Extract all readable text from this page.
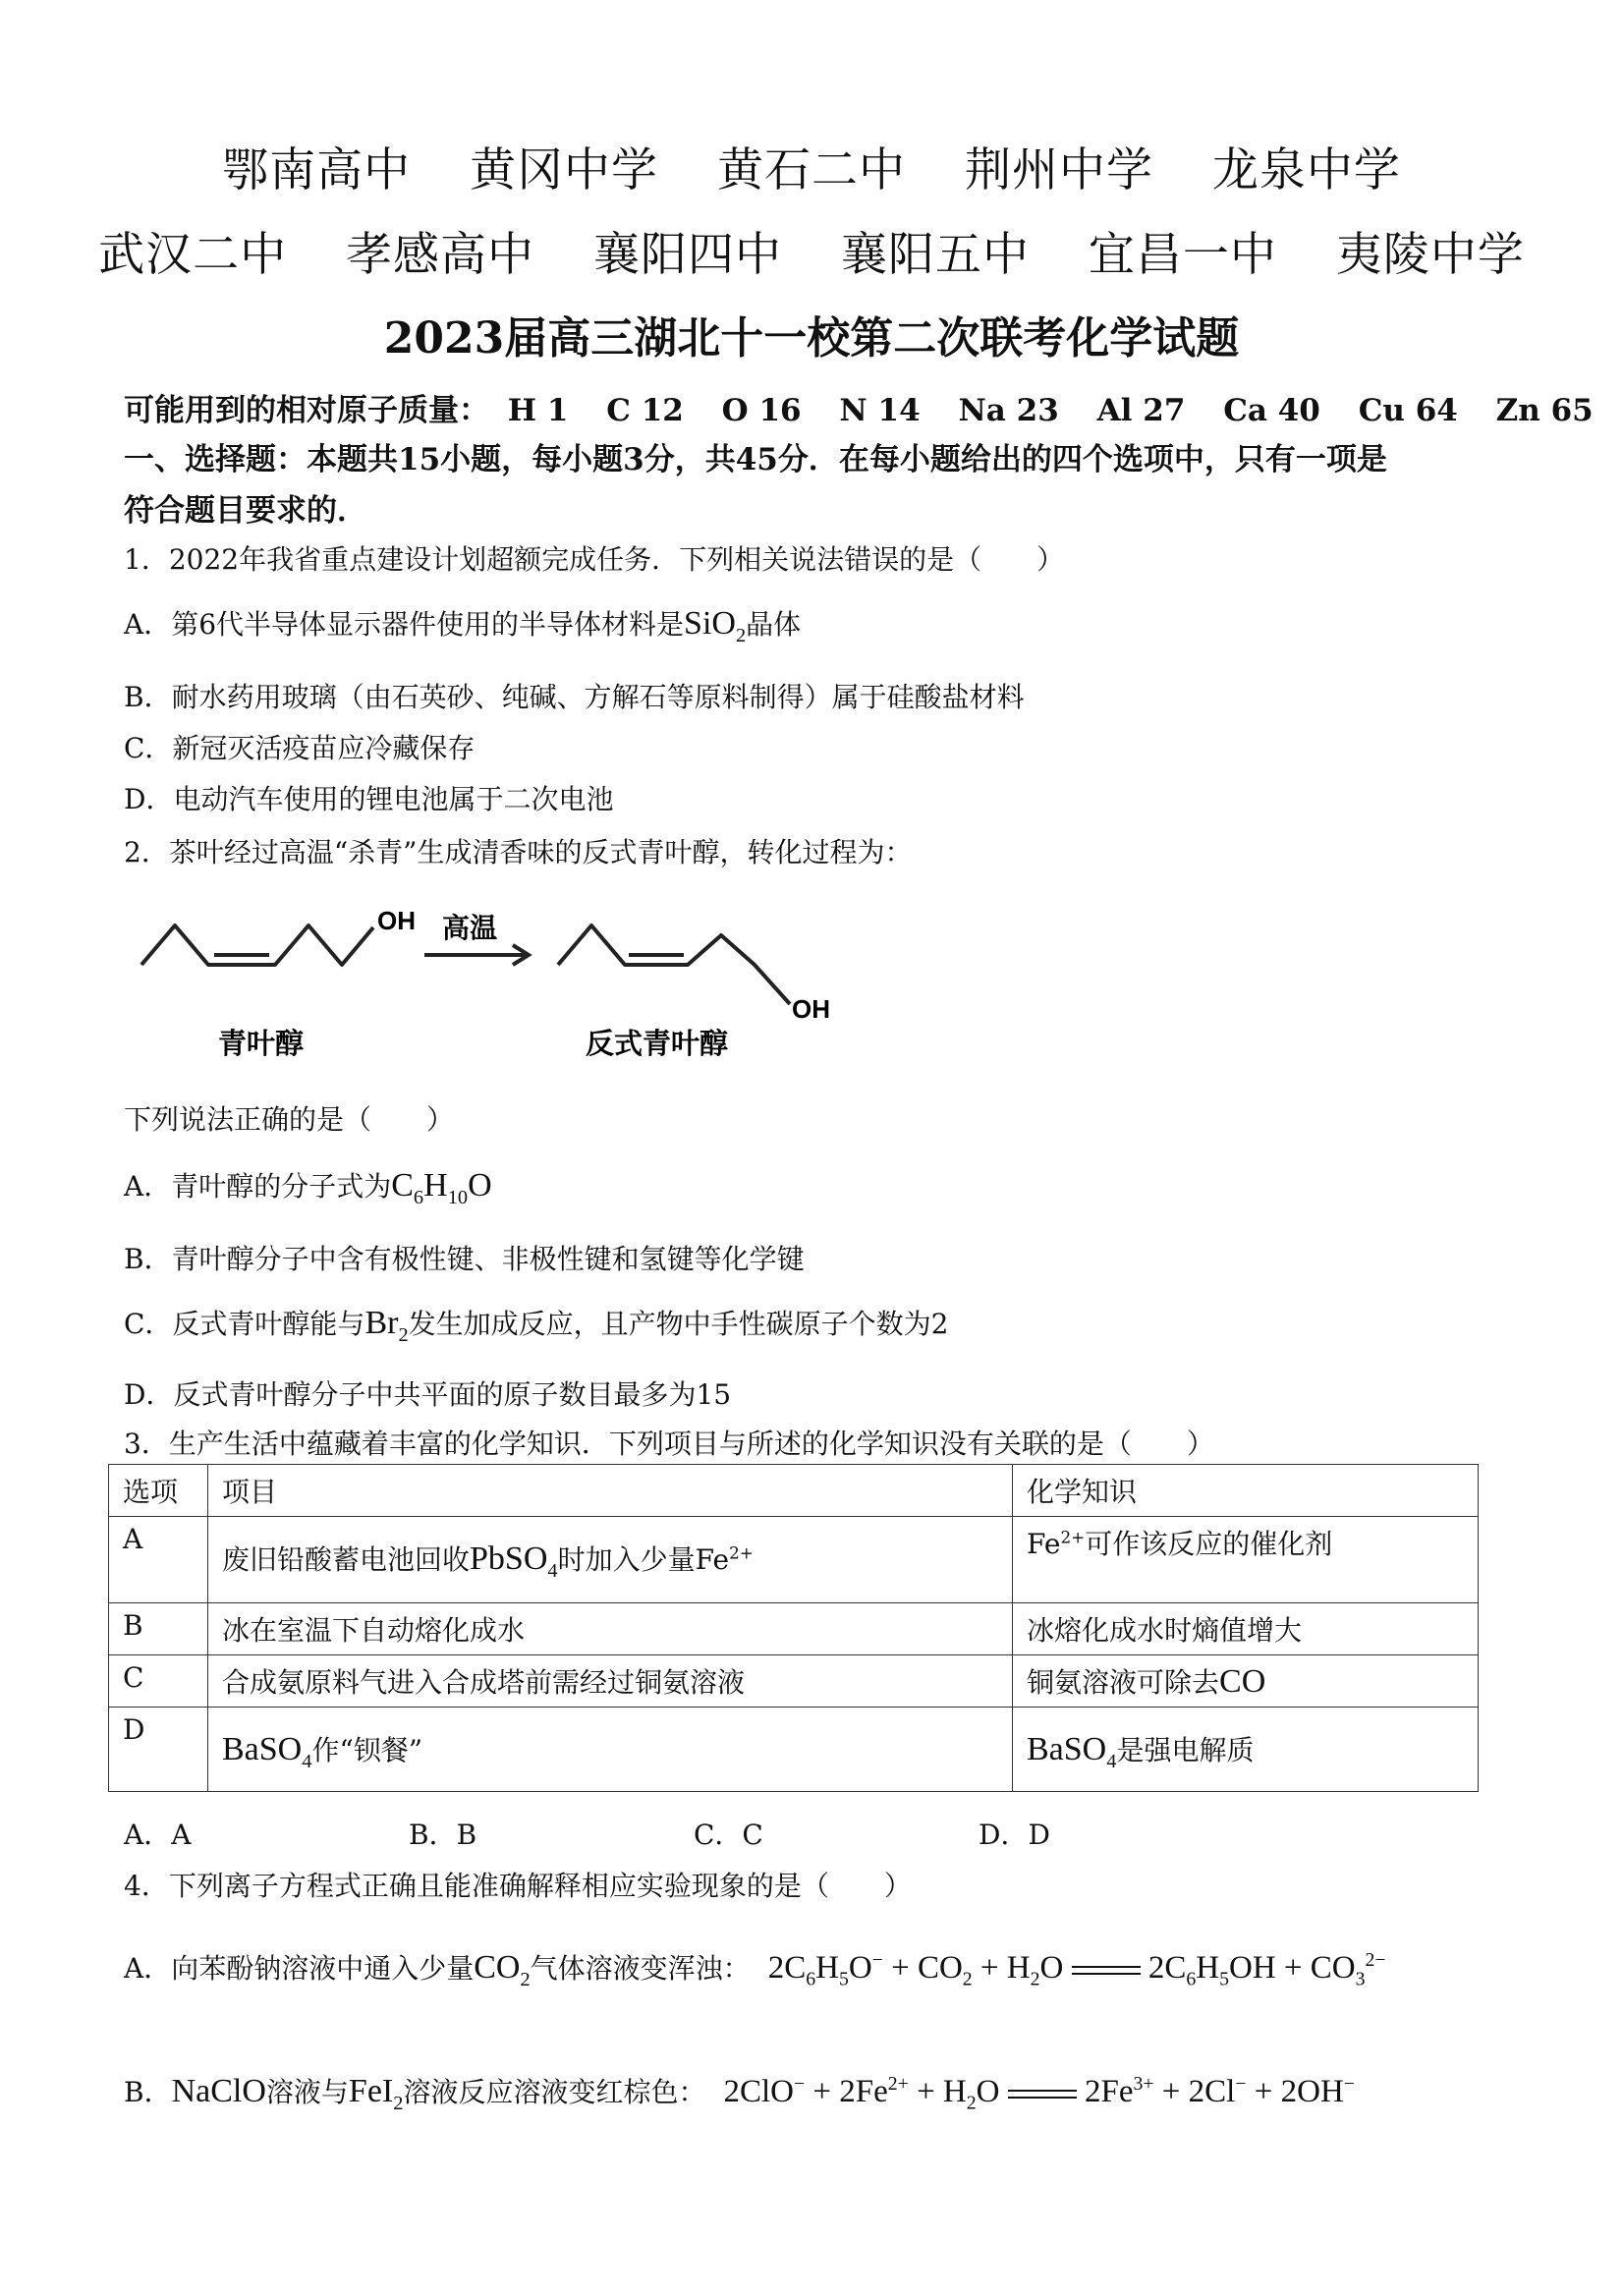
鄂南高中 黄冈中学 黄石二中 荆州中学 龙泉中学
武汉二中 孝感高中 襄阳四中 襄阳五中 宜昌一中 夷陵中学
2023届高三湖北十一校第二次联考化学试题
可能用到的相对原子质量： H 1 C 12 O 16 N 14 Na 23 Al 27 Ca 40 Cu 64 Zn 65
一、选择题：本题共15小题，每小题3分，共45分．在每小题给出的四个选项中，只有一项是
符合题目要求的．
1．2022年我省重点建设计划超额完成任务．下列相关说法错误的是（　　）
A．第6代半导体显示器件使用的半导体材料是SiO$_2$晶体
B．耐水药用玻璃（由石英砂、纯碱、方解石等原料制得）属于硅酸盐材料
C．新冠灭活疫苗应冷藏保存
D．电动汽车使用的锂电池属于二次电池
2．茶叶经过高温“杀青”生成清香味的反式青叶醇，转化过程为：
OH 高温
OH
青叶醇	反式青叶醇
下列说法正确的是（　　）
A．青叶醇的分子式为$C_6H_{10}O$
B．青叶醇分子中含有极性键、非极性键和氢键等化学键
C．反式青叶醇能与$Br_2$发生加成反应，且产物中手性碳原子个数为2
D．反式青叶醇分子中共平面的原子数目最多为15
3．生产生活中蕴藏着丰富的化学知识．下列项目与所述的化学知识没有关联的是（　　）
选项	项目	化学知识
A	废旧铅酸蓄电池回收PbSO$_4$时加入少量$Fe^{2+}$	$Fe^{2+}$可作该反应的催化剂
B	冰在室温下自动熔化成水	冰熔化成水时熵值增大
C	合成氨原料气进入合成塔前需经过铜氨溶液	铜氨溶液可除去CO
D	BaSO$_4$作“钡餐”	BaSO$_4$是强电解质
A．A	B．B	C．C	D．D
4．下列离子方程式正确且能准确解释相应实验现象的是（　　）
A．向苯酚钠溶液中通入少量$CO_2$气体溶液变浑浊： $2C_6H_5O^- + CO_2 + H_2O$  $2C_6H_5OH + CO_3^{2-}$
B．NaClO溶液与FeI$_2$溶液反应溶液变红棕色： $2ClO^- + 2Fe^{2+} + H_2O$  $2Fe^{3+} + 2Cl^- + 2OH^-$
